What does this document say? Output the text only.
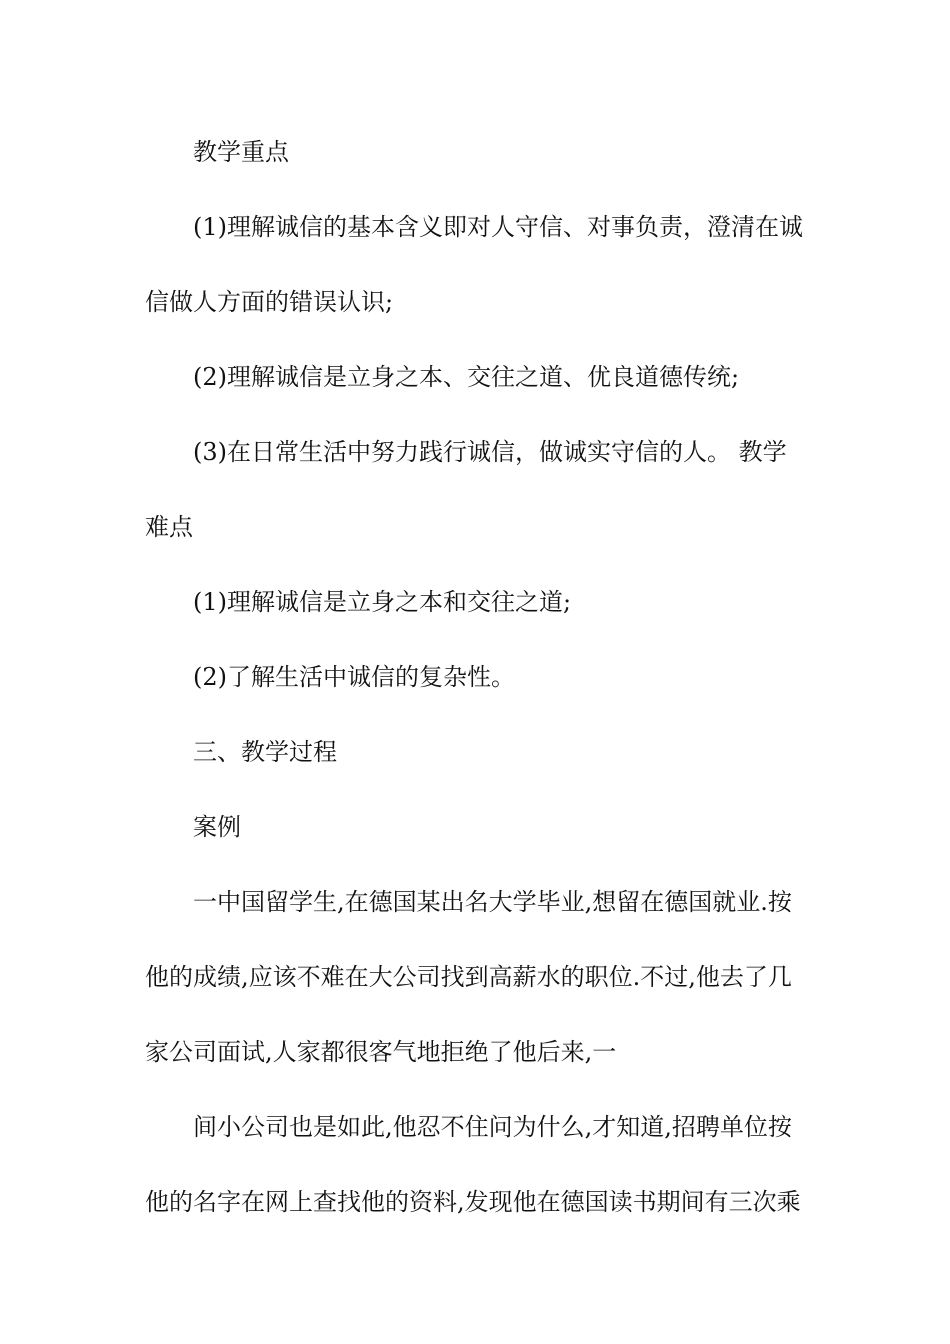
教学重点
(1)理解诚信的基本含义即对人守信、对事负责，澄清在诚
信做人方面的错误认识;
(2)理解诚信是立身之本、交往之道、优良道德传统;
(3)在日常生活中努力践行诚信，做诚实守信的人。 教学
难点
(1)理解诚信是立身之本和交往之道;
(2)了解生活中诚信的复杂性。
三、教学过程
案例
一中国留学生,在德国某出名大学毕业,想留在德国就业.按
他的成绩,应该不难在大公司找到高薪水的职位.不过,他去了几
家公司面试,人家都很客气地拒绝了他后来,一
间小公司也是如此,他忍不住问为什么,才知道,招聘单位按
他的名字在网上查找他的资料,发现他在德国读书期间有三次乘
